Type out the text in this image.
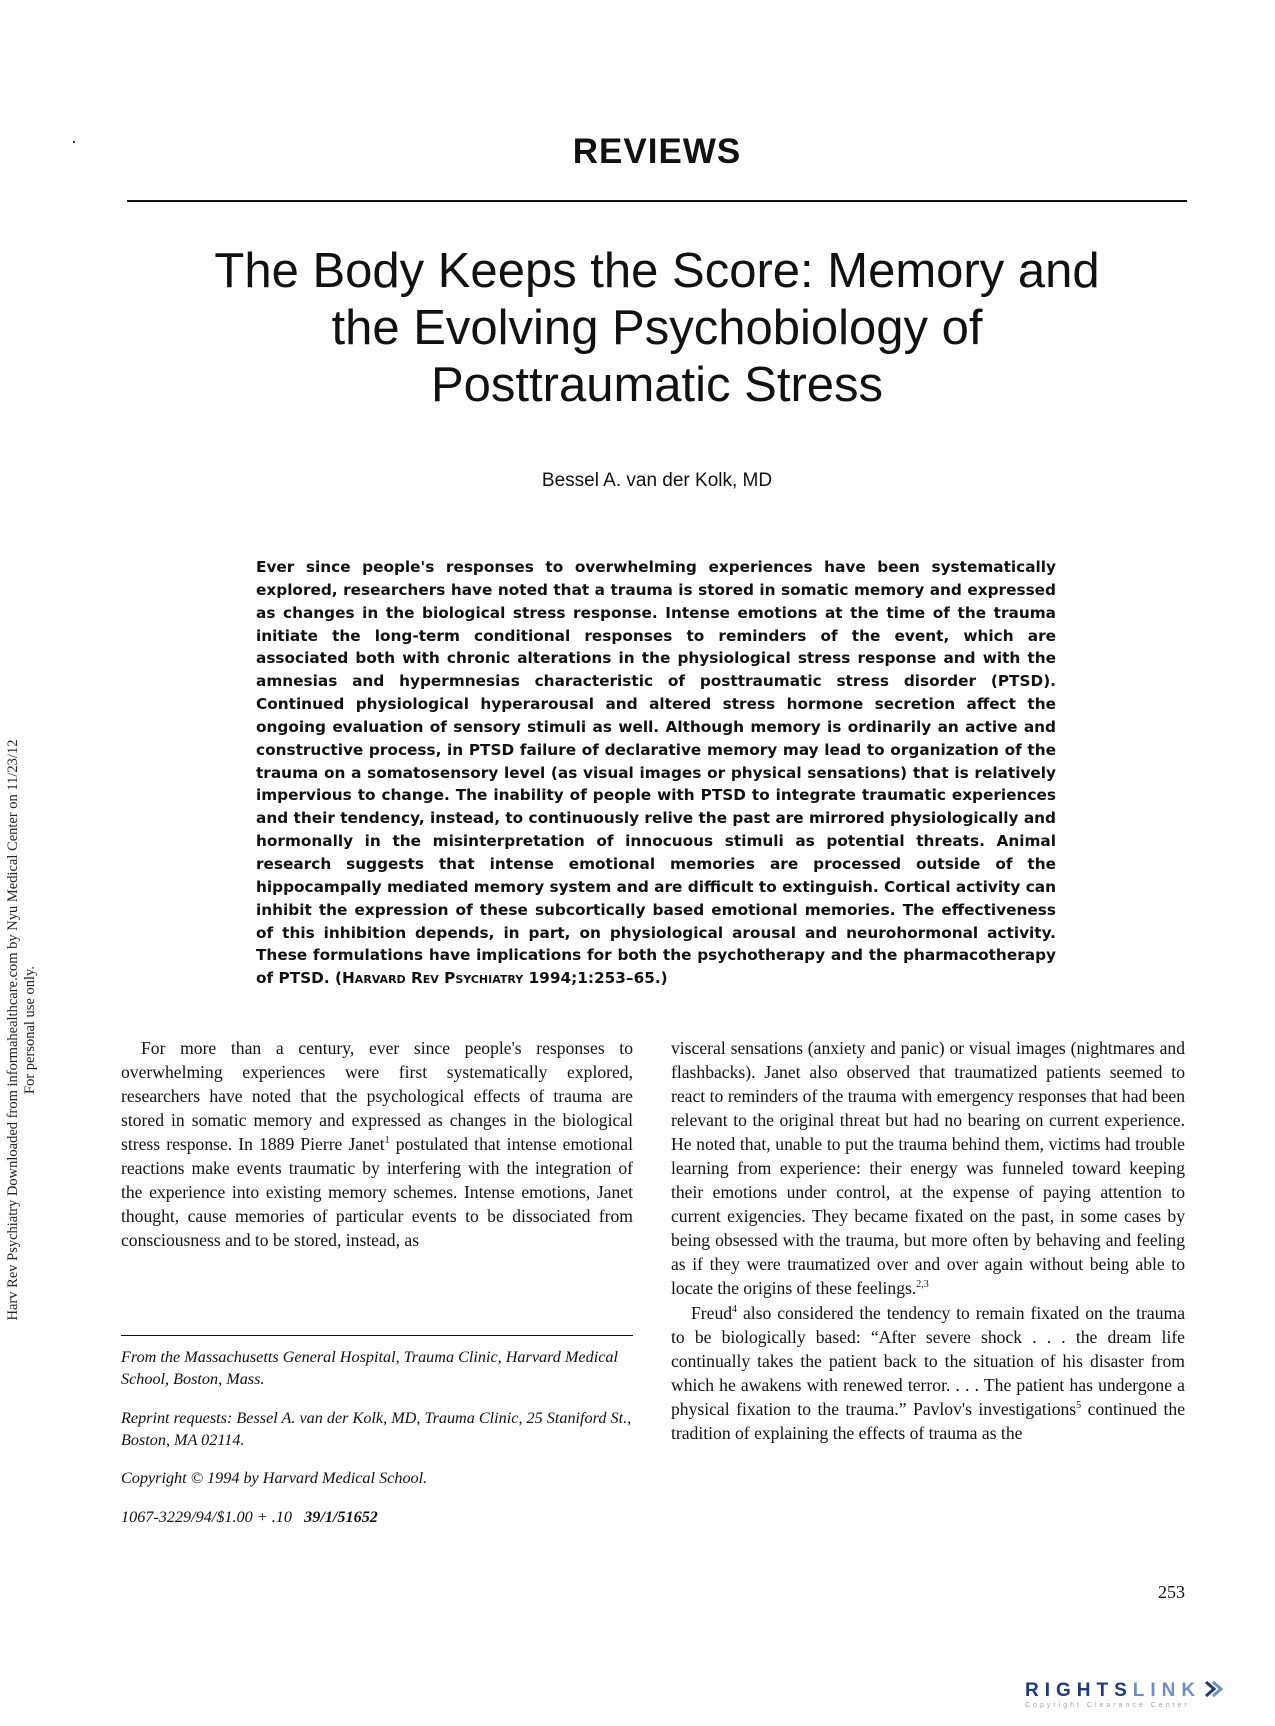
Harv Rev Psychiatry Downloaded from informahealthcare.com by Nyu Medical Center on 11/23/12 For personal use only.
REVIEWS
The Body Keeps the Score: Memory and
the Evolving Psychobiology of
Posttraumatic Stress
Bessel A. van der Kolk, MD
Ever since people's responses to overwhelming experiences have been systematically explored, researchers have noted that a trauma is stored in somatic memory and expressed as changes in the biological stress response. Intense emotions at the time of the trauma initiate the long-term conditional responses to reminders of the event, which are associated both with chronic alterations in the physiological stress response and with the amnesias and hypermnesias characteristic of posttraumatic stress disorder (PTSD). Continued physiological hyperarousal and altered stress hormone secretion affect the ongoing evaluation of sensory stimuli as well. Although memory is ordinarily an active and constructive process, in PTSD failure of declarative memory may lead to organization of the trauma on a somatosensory level (as visual images or physical sensations) that is relatively impervious to change. The inability of people with PTSD to integrate traumatic experiences and their tendency, instead, to continuously relive the past are mirrored physiologically and hormonally in the misinterpretation of innocuous stimuli as potential threats. Animal research suggests that intense emotional memories are processed outside of the hippocampally mediated memory system and are difficult to extinguish. Cortical activity can inhibit the expression of these subcortically based emotional memories. The effectiveness of this inhibition depends, in part, on physiological arousal and neurohormonal activity. These formulations have implications for both the psychotherapy and the pharmacotherapy of PTSD. (Harvard Rev Psychiatry 1994;1:253–65.)

For more than a century, ever since people's responses to overwhelming experiences were first systematically explored, researchers have noted that the psychological effects of trauma are stored in somatic memory and expressed as changes in the biological stress response. In 1889 Pierre Janet$^1$ postulated that intense emotional reactions make events traumatic by interfering with the integration of the experience into existing memory schemes. Intense emotions, Janet thought, cause memories of particular events to be dissociated from consciousness and to be stored, instead, as

From the Massachusetts General Hospital, Trauma Clinic, Harvard Medical School, Boston, Mass.
Reprint requests: Bessel A. van der Kolk, MD, Trauma Clinic, 25 Staniford St., Boston, MA 02114.
Copyright © 1994 by Harvard Medical School.
1067-3229/94/$1.00 + .10 39/1/51652

visceral sensations (anxiety and panic) or visual images (nightmares and flashbacks). Janet also observed that traumatized patients seemed to react to reminders of the trauma with emergency responses that had been relevant to the original threat but had no bearing on current experience. He noted that, unable to put the trauma behind them, victims had trouble learning from experience: their energy was funneled toward keeping their emotions under control, at the expense of paying attention to current exigencies. They became fixated on the past, in some cases by being obsessed with the trauma, but more often by behaving and feeling as if they were traumatized over and over again without being able to locate the origins of these feelings.$^{2,3}$

Freud$^4$ also considered the tendency to remain fixated on the trauma to be biologically based: “After severe shock . . . the dream life continually takes the patient back to the situation of his disaster from which he awakens with renewed terror. . . . The patient has undergone a physical fixation to the trauma.” Pavlov's investigations$^5$ continued the tradition of explaining the effects of trauma as the

253
RIGHTSLINK
Copyright Clearance Center
